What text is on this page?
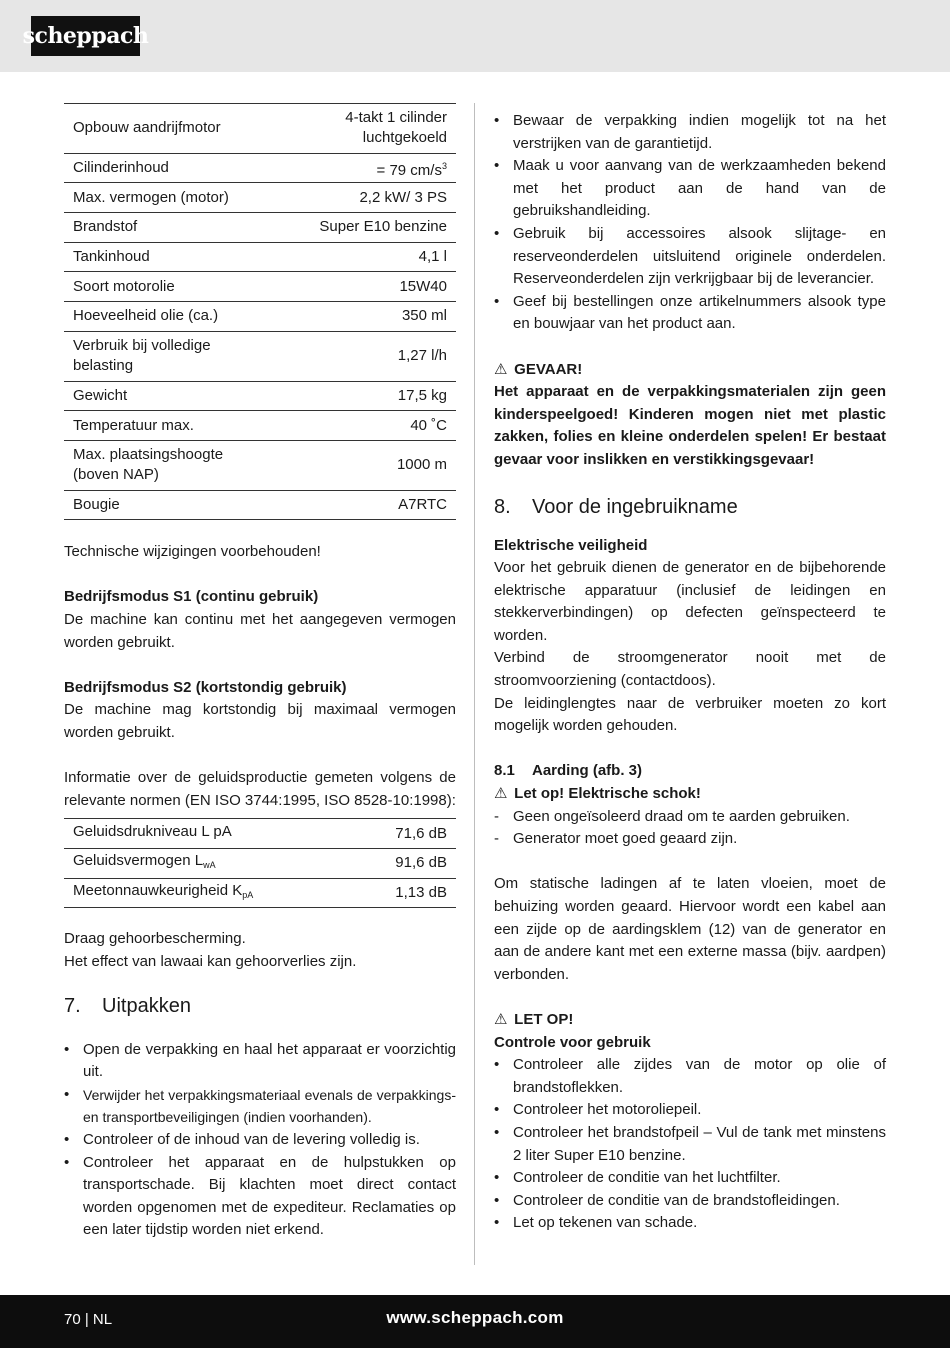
scheppach
Opbouw aandrijfmotor	4-takt 1 cilinder
luchtgekoeld
Cilinderinhoud	= 79 $cm/s^3$
Max. vermogen (motor)	2,2 kW/ 3 PS
Brandstof	Super E10 benzine
Tankinhoud	4,1 l
Soort motorolie	15W40
Hoeveelheid olie (ca.)	350 ml
Verbruik bij volledige
belasting	1,27 l/h
Gewicht	17,5 kg
Temperatuur max.	40 ˚C
Max. plaatsingshoogte
(boven NAP)	1000 m
Bougie	A7RTC

Technische wijzigingen voorbehouden!

Bedrijfsmodus S1 (continu gebruik)

De machine kan continu met het aangegeven vermogen worden gebruikt.

Bedrijfsmodus S2 (kortstondig gebruik)

De machine mag kortstondig bij maximaal vermogen worden gebruikt.

Informatie over de geluidsproductie gemeten volgens de relevante normen (EN ISO 3744:1995, ISO 8528-10:1998):

Geluidsdrukniveau L pA	71,6 dB
Geluidsvermogen $L_{wA}$	91,6 dB
Meetonnauwkeurigheid $K_{pA}$	1,13 dB

Draag gehoorbescherming.

Het effect van lawaai kan gehoorverlies zijn.

7.	Uitpakken
• Open de verpakking en haal het apparaat er voorzichtig uit.
• Verwijder het verpakkingsmateriaal evenals de verpakkings- en transportbeveiligingen (indien voorhanden).
• Controleer of de inhoud van de levering volledig is.
• Controleer het apparaat en de hulpstukken op transportschade. Bij klachten moet direct contact worden opgenomen met de expediteur. Reclamaties op een later tijdstip worden niet erkend.
• Bewaar de verpakking indien mogelijk tot na het verstrijken van de garantietijd.
• Maak u voor aanvang van de werkzaamheden bekend met het product aan de hand van de gebruikshandleiding.
• Gebruik bij accessoires alsook slijtage- en reserveonderdelen uitsluitend originele onderdelen. Reserveonderdelen zijn verkrijgbaar bij de leverancier.
• Geef bij bestellingen onze artikelnummers alsook type en bouwjaar van het product aan.

⚠ GEVAAR!

Het apparaat en de verpakkingsmaterialen zijn geen kinderspeelgoed! Kinderen mogen niet met plastic zakken, folies en kleine onderdelen spelen! Er bestaat gevaar voor inslikken en verstikkingsgevaar!

8.	Voor de ingebruikname

Elektrische veiligheid

Voor het gebruik dienen de generator en de bijbehorende elektrische apparatuur (inclusief de leidingen en stekkerverbindingen) op defecten geïnspecteerd te worden.

Verbind de stroomgenerator nooit met de stroomvoorziening (contactdoos).

De leidinglengtes naar de verbruiker moeten zo kort mogelijk worden gehouden.

8.1 Aarding (afb. 3)

⚠ Let op! Elektrische schok!

- Geen ongeïsoleerd draad om te aarden gebruiken.
- Generator moet goed geaard zijn.

Om statische ladingen af te laten vloeien, moet de behuizing worden geaard. Hiervoor wordt een kabel aan een zijde op de aardingsklem (12) van de generator en aan de andere kant met een externe massa (bijv. aardpen) verbonden.

⚠ LET OP!

Controle voor gebruik

• Controleer alle zijdes van de motor op olie of brandstoflekken.
• Controleer het motoroliepeil.
• Controleer het brandstofpeil – Vul de tank met minstens 2 liter Super E10 benzine.
• Controleer de conditie van het luchtfilter.
• Controleer de conditie van de brandstofleidingen.
• Let op tekenen van schade.
70 | NL	www.scheppach.com
